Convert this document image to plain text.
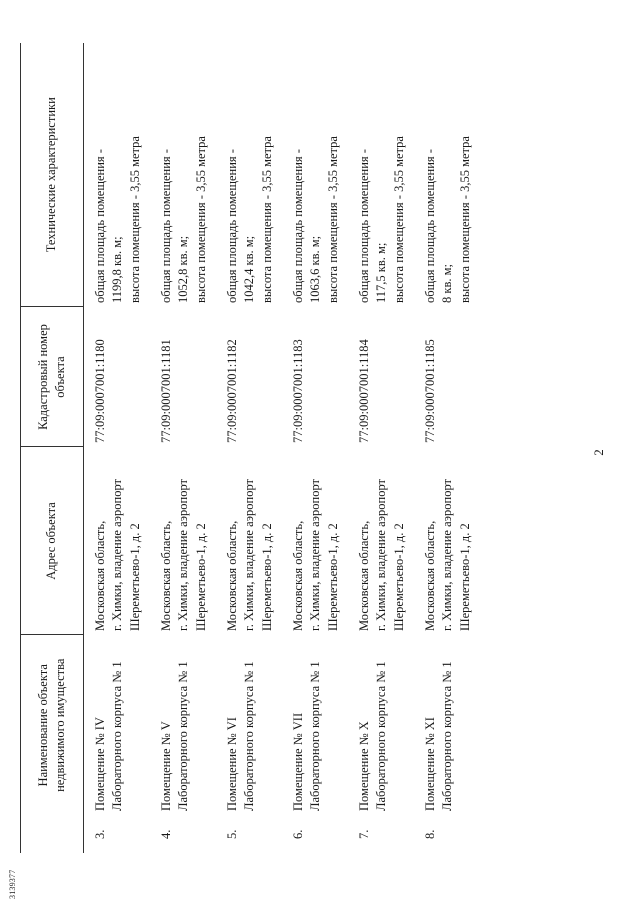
3139377

	Наименование объекта недвижимого имущества	Адрес объекта	Кадастровый номер объекта	Технические характеристики
3.	Помещение № IV Лабораторного корпуса № 1	Московская область, г. Химки, владение аэропорт Шереметьево-1, д. 2	77:09:0007001:1180	общая площадь помещения - 1199,8 кв. м; высота помещения - 3,55 метра

4.	Помещение № V Лабораторного корпуса № 1	Московская область, г. Химки, владение аэропорт Шереметьево-1, д. 2	77:09:0007001:1181	общая площадь помещения - 1052,8 кв. м; высота помещения - 3,55 метра

5.	Помещение № VI Лабораторного корпуса № 1	Московская область, г. Химки, владение аэропорт Шереметьево-1, д. 2	77:09:0007001:1182	общая площадь помещения - 1042,4 кв. м; высота помещения - 3,55 метра

6.	Помещение № VII Лабораторного корпуса № 1	Московская область, г. Химки, владение аэропорт Шереметьево-1, д. 2	77:09:0007001:1183	общая площадь помещения - 1063,6 кв. м; высота помещения - 3,55 метра

7.	Помещение № X Лабораторного корпуса № 1	Московская область, г. Химки, владение аэропорт Шереметьево-1, д. 2	77:09:0007001:1184	общая площадь помещения - 117,5 кв. м; высота помещения - 3,55 метра

8.	Помещение № XI Лабораторного корпуса № 1	Московская область, г. Химки, владение аэропорт Шереметьево-1, д. 2	77:09:0007001:1185	общая площадь помещения - 8 кв. м; высота помещения - 3,55 метра
2
